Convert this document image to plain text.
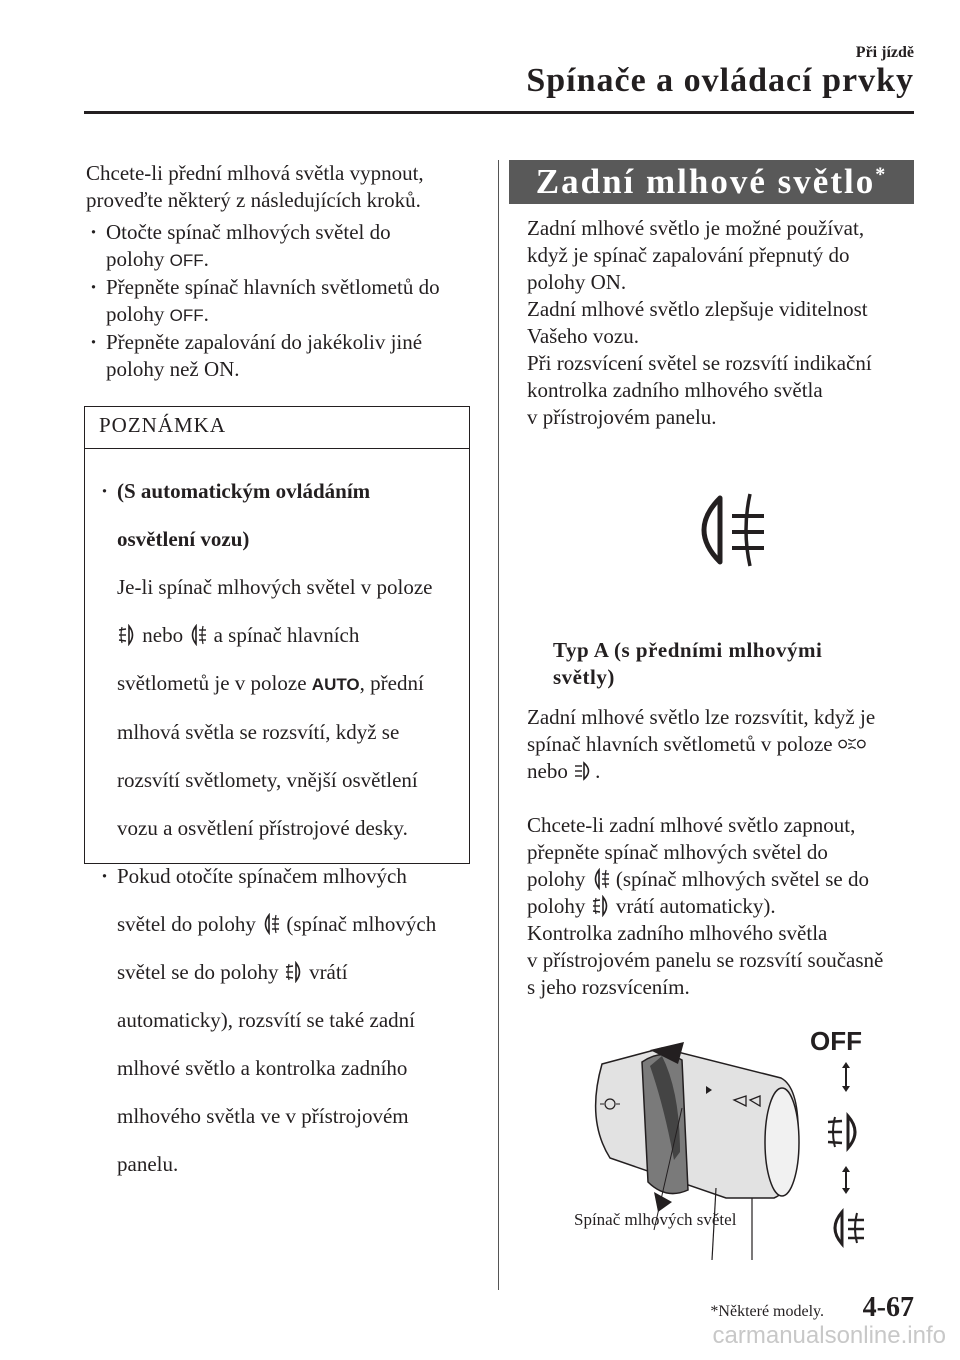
Při jízdě
Spínače a ovládací prvky

Chcete-li přední mlhová světla vypnout,

proveďte některý z následujících kroků.

· Otočte spínač mlhových světel do

polohy OFF.

· Přepněte spínač hlavních světlometů do

polohy OFF.

· Přepněte zapalování do jakékoliv jiné

polohy než ON.

POZNÁMKA

· (S automatickým ovládáním

osvětlení vozu)

Je-li spínač mlhových světel v poloze

nebo a spínač hlavních

světlometů je v poloze AUTO, přední

mlhová světla se rozsvítí, když se

rozsvítí světlomety, vnější osvětlení

vozu a osvětlení přístrojové desky.

· Pokud otočíte spínačem mlhových

světel do polohy (spínač mlhových

světel se do polohy vrátí

automaticky), rozsvítí se také zadní

mlhové světlo a kontrolka zadního

mlhového světla ve v přístrojovém

panelu.

Zadní mlhové světlo*

Zadní mlhové světlo je možné používat,

když je spínač zapalování přepnutý do

polohy ON.

Zadní mlhové světlo zlepšuje viditelnost

Vašeho vozu.

Při rozsvícení světel se rozsvítí indikační

kontrolka zadního mlhového světla

v přístrojovém panelu.

Typ A (s předními mlhovými

světly)

Zadní mlhové světlo lze rozsvítit, když je

spínač hlavních světlometů v poloze

nebo .

Chcete-li zadní mlhové světlo zapnout,

přepněte spínač mlhových světel do

polohy (spínač mlhových světel se do

polohy vrátí automaticky).

Kontrolka zadního mlhového světla

v přístrojovém panelu se rozsvítí současně

s jeho rozsvícením.

OFF
Spínač mlhových světel
*Některé modely. 4-67
carmanualsonline.info
